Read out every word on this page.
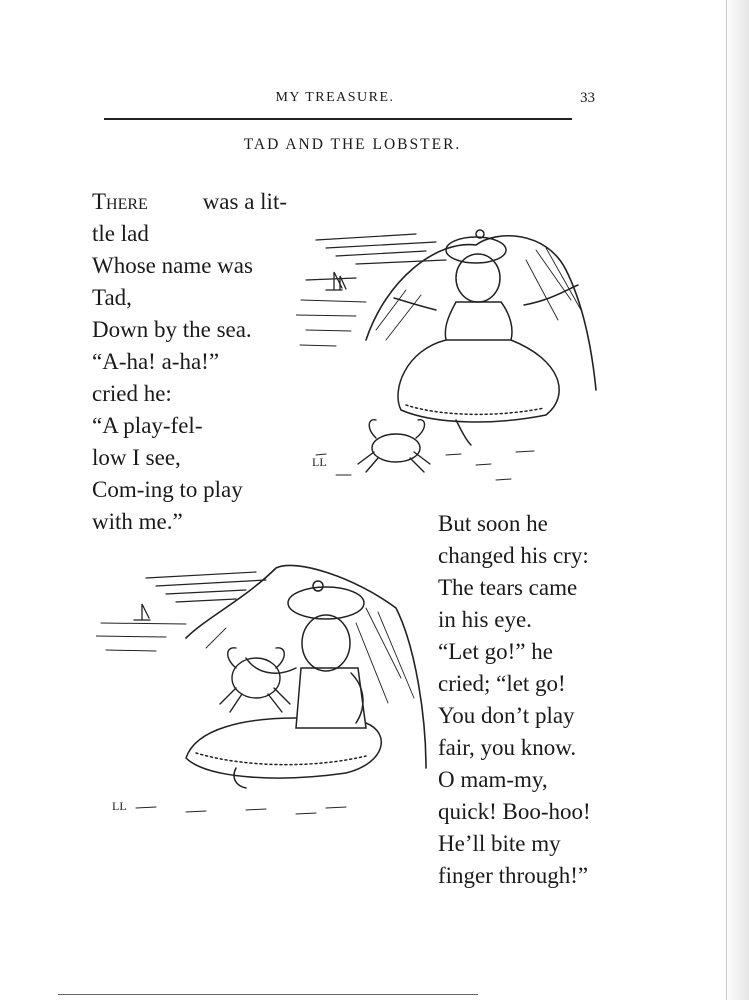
MY TREASURE.	33
TAD AND THE LOBSTER.
There was a lit-
tle lad
Whose name was
Tad,
Down by the sea.
“A-ha! a-ha!”
cried he:
“A play-fel-
low I see,
Com-ing to play
with me.”
LL
LL
But soon he
changed his cry:
The tears came
in his eye.
“Let go!” he
cried; “let go!
You don’t play
fair, you know.
O mam-my,
quick! Boo-hoo!
He’ll bite my
finger through!”
